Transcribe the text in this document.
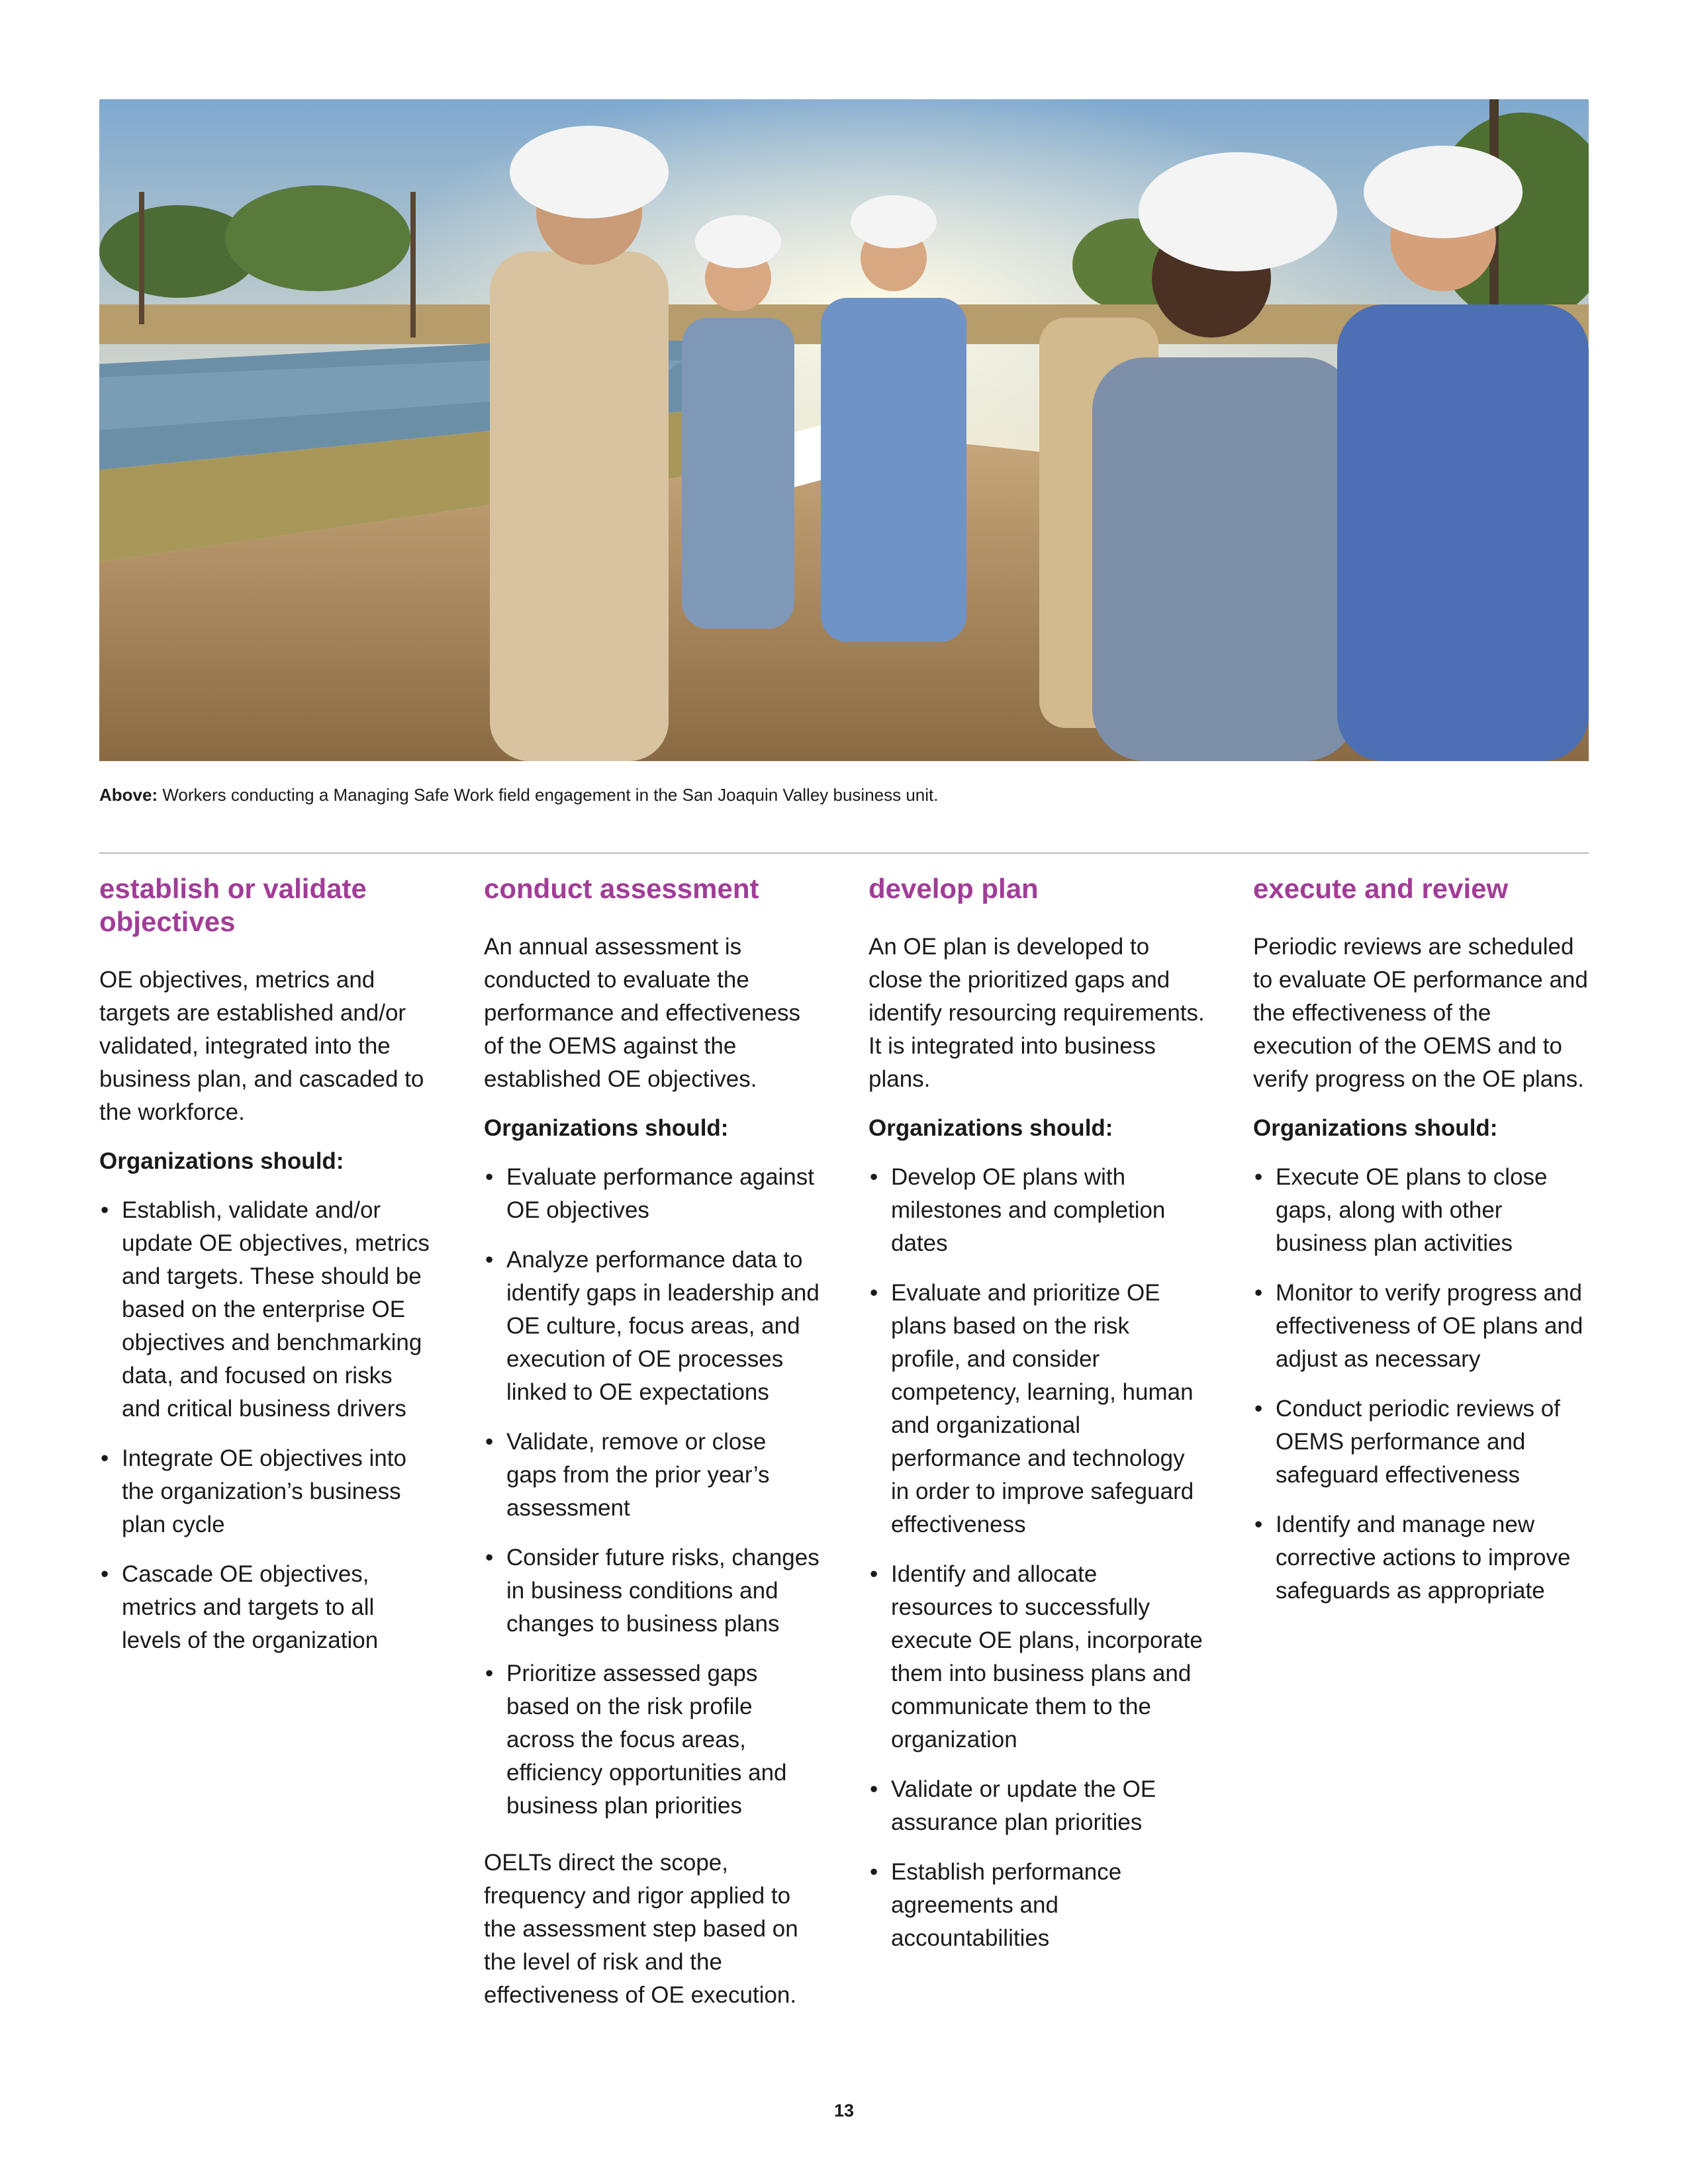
Above: Workers conducting a Managing Safe Work field engagement in the San Joaquin Valley business unit.
establish or validate objectives

OE objectives, metrics and targets are established and/or validated, integrated into the business plan, and cascaded to the workforce.

Organizations should:

• Establish, validate and/or update OE objectives, metrics and targets. These should be based on the enterprise OE objectives and benchmarking data, and focused on risks and critical business drivers
• Integrate OE objectives into the organization’s business plan cycle
• Cascade OE objectives, metrics and targets to all levels of the organization
conduct assessment

An annual assessment is conducted to evaluate the performance and effectiveness of the OEMS against the established OE objectives.

Organizations should:

• Evaluate performance against OE objectives
• Analyze performance data to identify gaps in leadership and OE culture, focus areas, and execution of OE processes linked to OE expectations
• Validate, remove or close gaps from the prior year’s assessment
• Consider future risks, changes in business conditions and changes to business plans
• Prioritize assessed gaps based on the risk profile across the focus areas, efficiency opportunities and business plan priorities

OELTs direct the scope, frequency and rigor applied to the assessment step based on the level of risk and the effectiveness of OE execution.

develop plan

An OE plan is developed to close the prioritized gaps and identify resourcing requirements. It is integrated into business plans.

Organizations should:

• Develop OE plans with milestones and completion dates
• Evaluate and prioritize OE plans based on the risk profile, and consider competency, learning, human and organizational performance and technology in order to improve safeguard effectiveness
• Identify and allocate resources to successfully execute OE plans, incorporate them into business plans and communicate them to the organization
• Validate or update the OE assurance plan priorities
• Establish performance agreements and accountabilities
execute and review

Periodic reviews are scheduled to evaluate OE performance and the effectiveness of the execution of the OEMS and to verify progress on the OE plans.

Organizations should:

• Execute OE plans to close gaps, along with other business plan activities
• Monitor to verify progress and effectiveness of OE plans and adjust as necessary
• Conduct periodic reviews of OEMS performance and safeguard effectiveness
• Identify and manage new corrective actions to improve safeguards as appropriate
13
